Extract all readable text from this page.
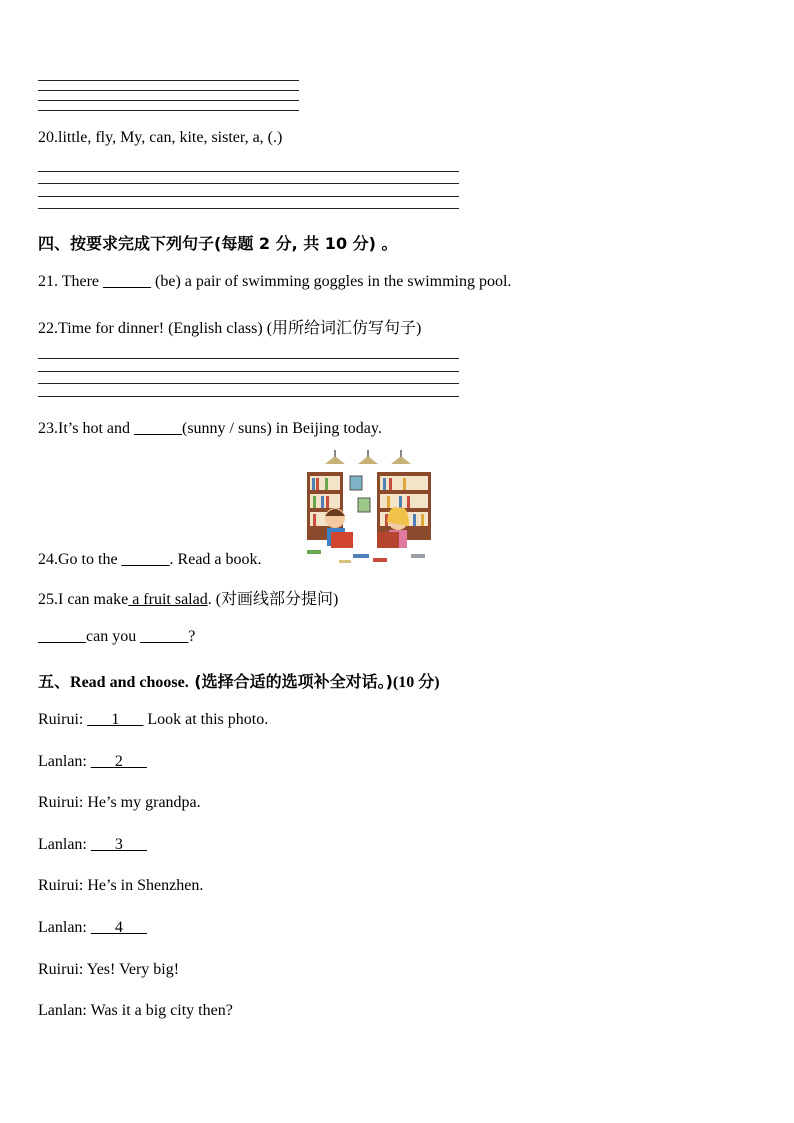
20.little, fly, My, can, kite, sister, a, (.)
四、按要求完成下列句子(每题 2 分, 共 10 分) 。
21. There ______ (be) a pair of swimming goggles in the swimming pool.
22.Time for dinner! (English class) (用所给词汇仿写句子)
23.It’s hot and ______(sunny / suns) in Beijing today.
24.Go to the ______. Read a book.
25.I can make a fruit salad. (对画线部分提问)
______can you ______?
五、Read and choose. (选择合适的选项补全对话。)(10 分)
Ruirui: ___1___ Look at this photo.
Lanlan: ___2___
Ruirui: He’s my grandpa.
Lanlan: ___3___
Ruirui: He’s in Shenzhen.
Lanlan: ___4___
Ruirui: Yes! Very big!
Lanlan: Was it a big city then?
